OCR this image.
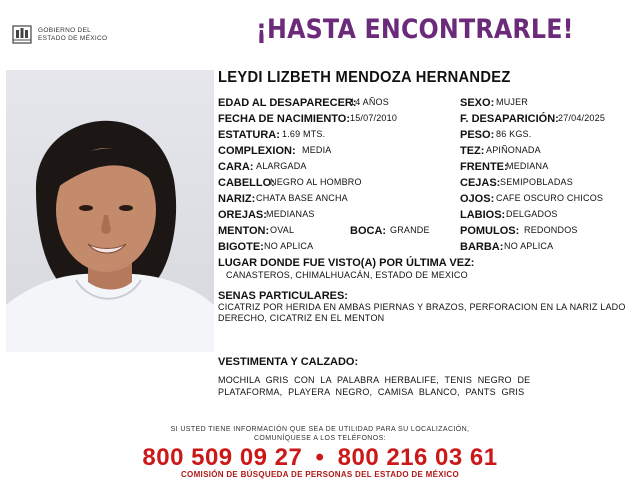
GOBIERNO DEL
ESTADO DE MÉXICO	¡HASTA ENCONTRARLE!
LEYDI LIZBETH MENDOZA HERNANDEZ
EDAD AL DESAPARECER:
14 AÑOS
FECHA DE NACIMIENTO: 15/07/2010
ESTATURA: 1.69 MTS.
COMPLEXION: MEDIA
CARA: ALARGADA
CABELLO:
NEGRO AL HOMBRO
NARIZ: CHATA BASE ANCHA
OREJAS: MEDIANAS
MENTON: OVAL	BOCA: GRANDE
BIGOTE: NO APLICA
SEXO: MUJER
F. DESAPARICIÓN: 27/04/2025
PESO: 86 KGS.
TEZ: APIÑONADA
FRENTE:
MEDIANA
CEJAS: SEMIPOBLADAS
OJOS: CAFE OSCURO CHICOS
LABIOS: DELGADOS
POMULOS: REDONDOS
BARBA: NO APLICA
LUGAR DONDE FUE VISTO(A) POR ÚLTIMA VEZ:
CANASTEROS, CHIMALHUACÁN, ESTADO DE MEXICO
SENAS PARTICULARES:
CICATRIZ POR HERIDA EN AMBAS PIERNAS Y BRAZOS, PERFORACION EN LA NARIZ LADO DERECHO, CICATRIZ EN EL MENTON
VESTIMENTA Y CALZADO:
MOCHILA GRIS CON LA PALABRA HERBALIFE, TENIS NEGRO DE PLATAFORMA, PLAYERA NEGRO, CAMISA BLANCO, PANTS GRIS
SI USTED TIENE INFORMACIÓN QUE SEA DE UTILIDAD PARA SU LOCALIZACIÓN,
COMUNÍQUESE A LOS TELÉFONOS:
800 509 09 27 • 800 216 03 61
COMISIÓN DE BÚSQUEDA DE PERSONAS DEL ESTADO DE MÉXICO
